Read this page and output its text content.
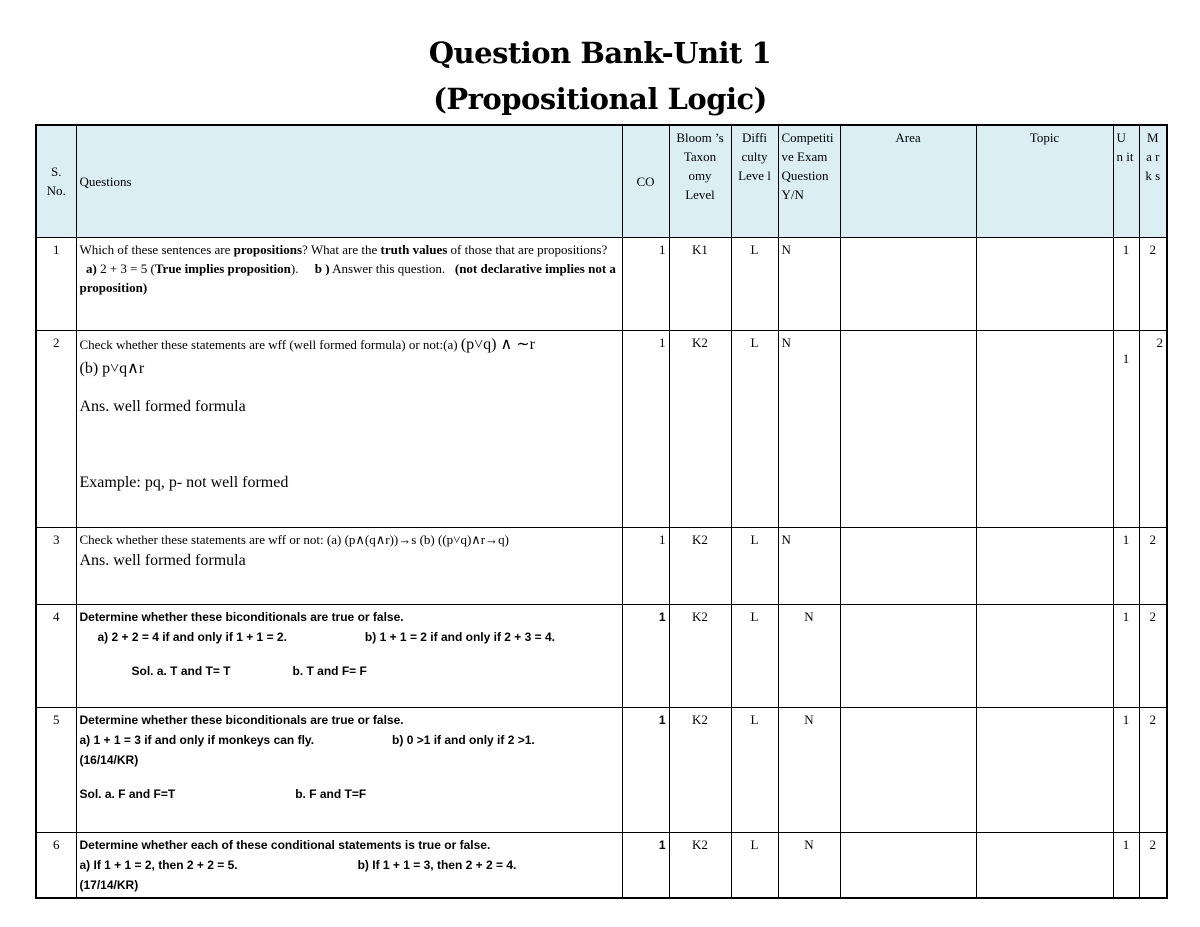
Question Bank-Unit 1
(Propositional Logic)
S. No.	Questions	CO	Bloom ’s Taxon omy Level	Diffi culty Leve l	Competiti ve Exam Question Y/N	Area	Topic	U n it	M a r k s
1	Which of these sentences are propositions? What are the truth values of those that are propositions?   a) 2 + 3 = 5 (True implies proposition). b ) Answer this question. (not declarative implies not a proposition)	1	K1	L	N			1	2
2	Check whether these statements are wff (well formed formula) or not:(a) (p˅q) ∧ ∼r
(b) p˅q∧r
Ans. well formed formula
Example: pq, p- not well formed	1	K2	L	N			1	2
3	Check whether these statements are wff or not: (a) (p∧(q∧r))→s (b) ((p˅q)∧r→q)
Ans. well formed formula	1	K2	L	N			1	2
4	Determine whether these biconditionals are true or false.
a) 2 + 2 = 4 if and only if 1 + 1 = 2. b) 1 + 1 = 2 if and only if 2 + 3 = 4.
Sol. a. T and T= T b. T and F= F	1	K2	L	N			1	2
5	Determine whether these biconditionals are true or false.
a) 1 + 1 = 3 if and only if monkeys can fly. b) 0 >1 if and only if 2 >1.
(16/14/KR)
Sol. a. F and F=T b. F and T=F	1	K2	L	N			1	2
6	Determine whether each of these conditional statements is true or false.
a) If 1 + 1 = 2, then 2 + 2 = 5. b) If 1 + 1 = 3, then 2 + 2 = 4.
(17/14/KR)	1	K2	L	N			1	2
